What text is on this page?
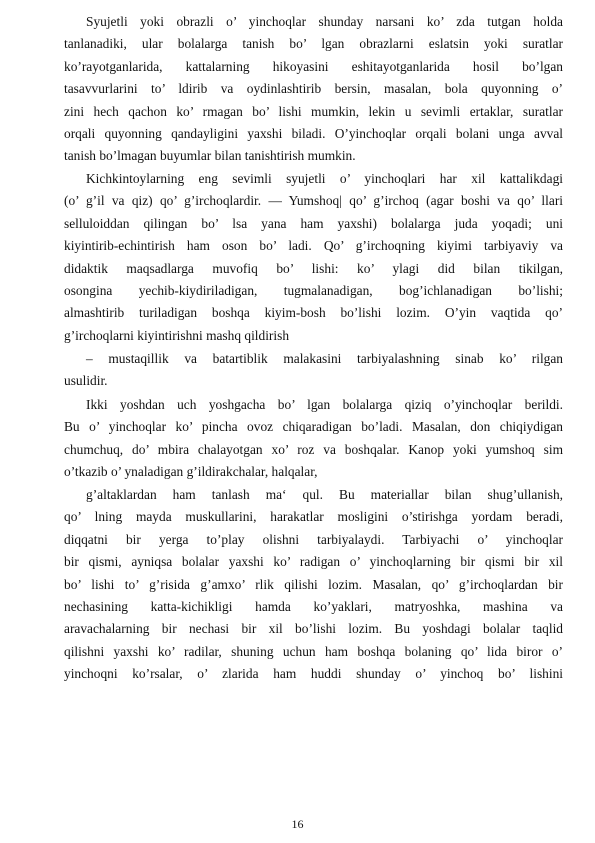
Syujetli yoki obrazli o’ yinchoqlar shunday narsani ko’ zda tutgan holda
tanlanadiki, ular bolalarga tanish bo’ lgan obrazlarni eslatsin yoki suratlar
ko’rayotganlarida, kattalarning hikoyasini eshitayotganlarida hosil bo’lgan
tasavvurlarini to’ ldirib va oydinlashtirib bersin, masalan, bola quyonning o’
zini hech qachon ko’ rmagan bo’ lishi mumkin, lekin u sevimli ertaklar, suratlar
orqali quyonning qandayligini yaxshi biladi. O’yinchoqlar orqali bolani unga avval
tanish bo’lmagan buyumlar bilan tanishtirish mumkin.
Kichkintoylarning eng sevimli syujetli o’ yinchoqlari har xil kattalikdagi
(o’ g’il va qiz) qo’ g’irchoqlardir. — Yumshoq| qo’ g’irchoq (agar boshi va qo’ llari
selluloiddan qilingan bo’ lsa yana ham yaxshi) bolalarga juda yoqadi; uni
kiyintirib-echintirish ham oson bo’ ladi. Qo’ g’irchoqning kiyimi tarbiyaviy va
didaktik maqsadlarga muvofiq bo’ lishi: ko’ ylagi did bilan tikilgan,
osongina yechib-kiydiriladigan, tugmalanadigan, bog’ichlanadigan bo’lishi;
almashtirib turiladigan boshqa kiyim-bosh bo’lishi lozim. O’yin vaqtida qo’
g’irchoqlarni kiyintirishni mashq qildirish
– mustaqillik va batartiblik malakasini tarbiyalashning sinab ko’ rilgan
usulidir.
Ikki yoshdan uch yoshgacha bo’ lgan bolalarga qiziq o’yinchoqlar berildi.
Bu o’ yinchoqlar ko’ pincha ovoz chiqaradigan bo’ladi. Masalan, don chiqiydigan
chumchuq, do’ mbira chalayotgan xo’ roz va boshqalar. Kanop yoki yumshoq sim
o’tkazib o’ ynaladigan g’ildirakchalar, halqalar,
g’altaklardan ham tanlash ma‘ qul. Bu materiallar bilan shug’ullanish,
qo’ lning mayda muskullarini, harakatlar mosligini o’stirishga yordam beradi,
diqqatni bir yerga to’play olishni tarbiyalaydi. Tarbiyachi o’ yinchoqlar
bir qismi, ayniqsa bolalar yaxshi ko’ radigan o’ yinchoqlarning bir qismi bir xil
bo’ lishi to’ g’risida g’amxo’ rlik qilishi lozim. Masalan, qo’ g’irchoqlardan bir
nechasining katta-kichikligi hamda ko’yaklari, matryoshka, mashina va
aravachalarning bir nechasi bir xil bo’lishi lozim. Bu yoshdagi bolalar taqlid
qilishni yaxshi ko’ radilar, shuning uchun ham boshqa bolaning qo’ lida biror o’
yinchoqni ko’rsalar, o’ zlarida ham huddi shunday o’ yinchoq bo’ lishini
16
